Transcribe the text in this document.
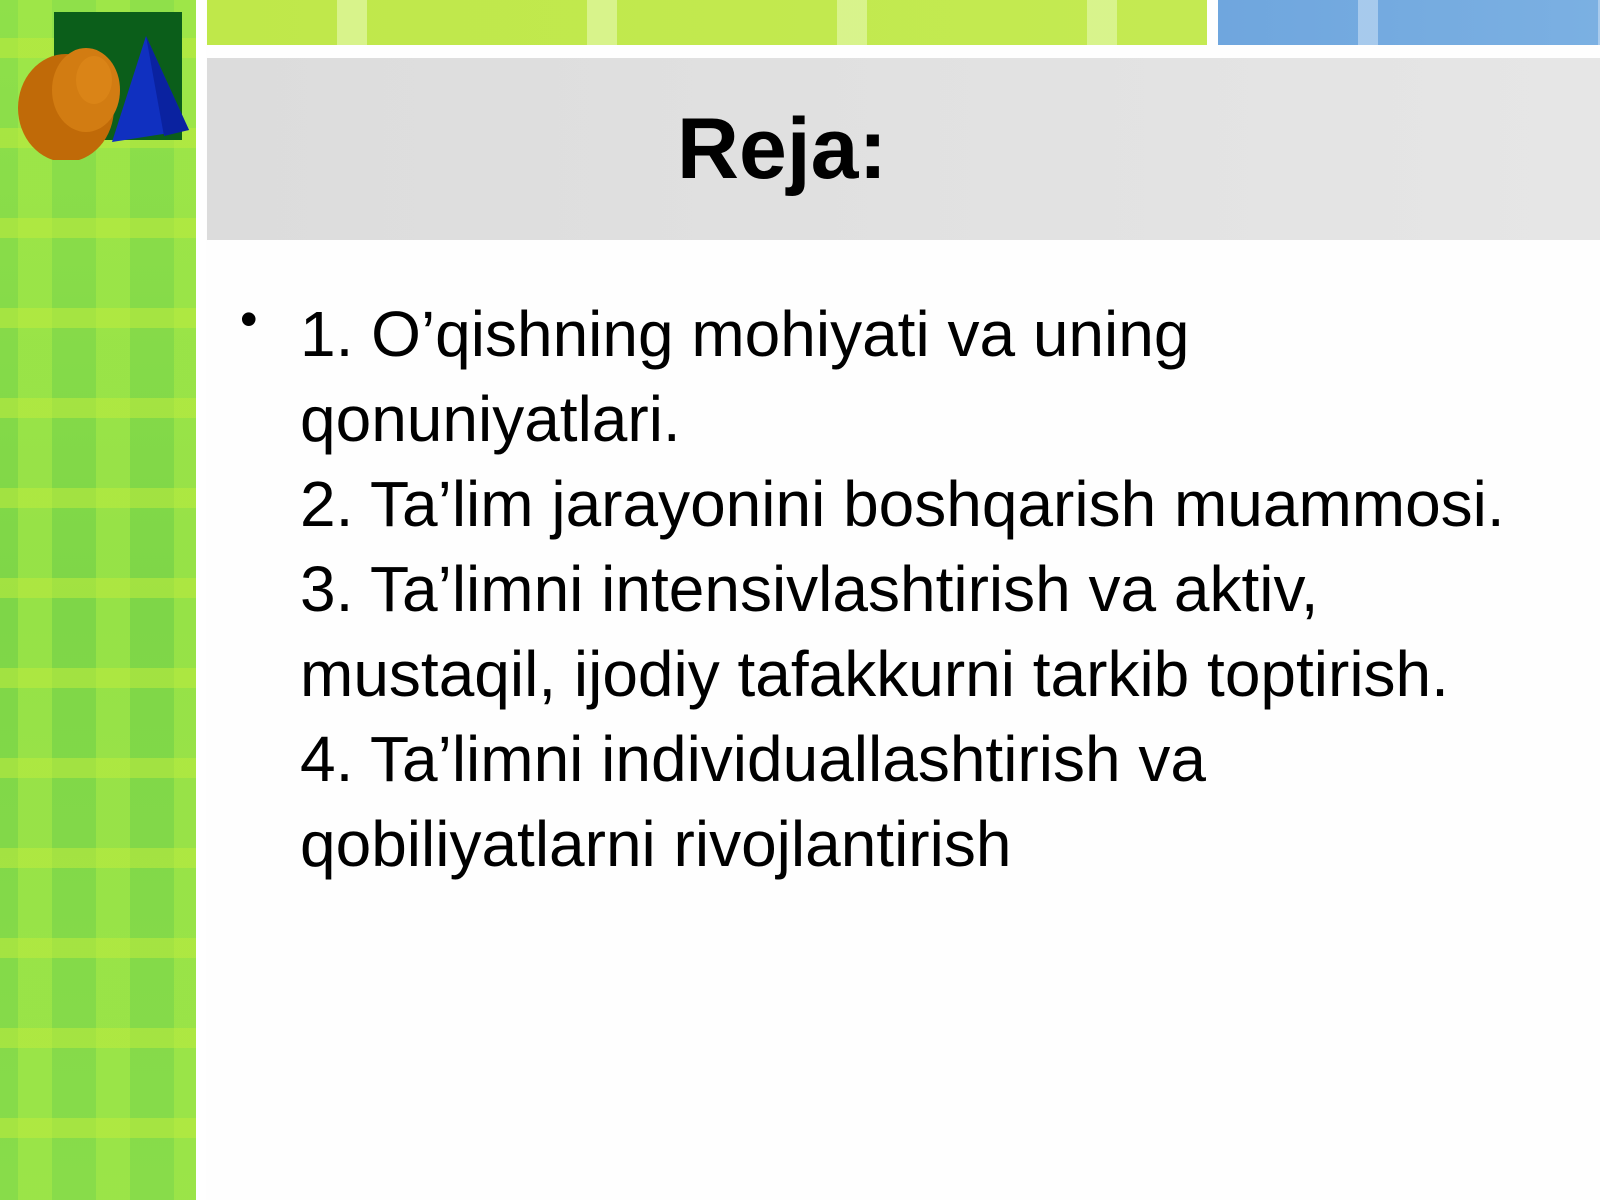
Reja:
• 1. O’qishning mohiyati va uning qonuniyatlari.
2. Ta’lim jarayonini boshqarish muammosi.
3. Ta’limni intensivlashtirish va aktiv, mustaqil, ijodiy tafakkurni tarkib toptirish.
4. Ta’limni individuallashtirish va qobiliyatlarni rivojlantirish
